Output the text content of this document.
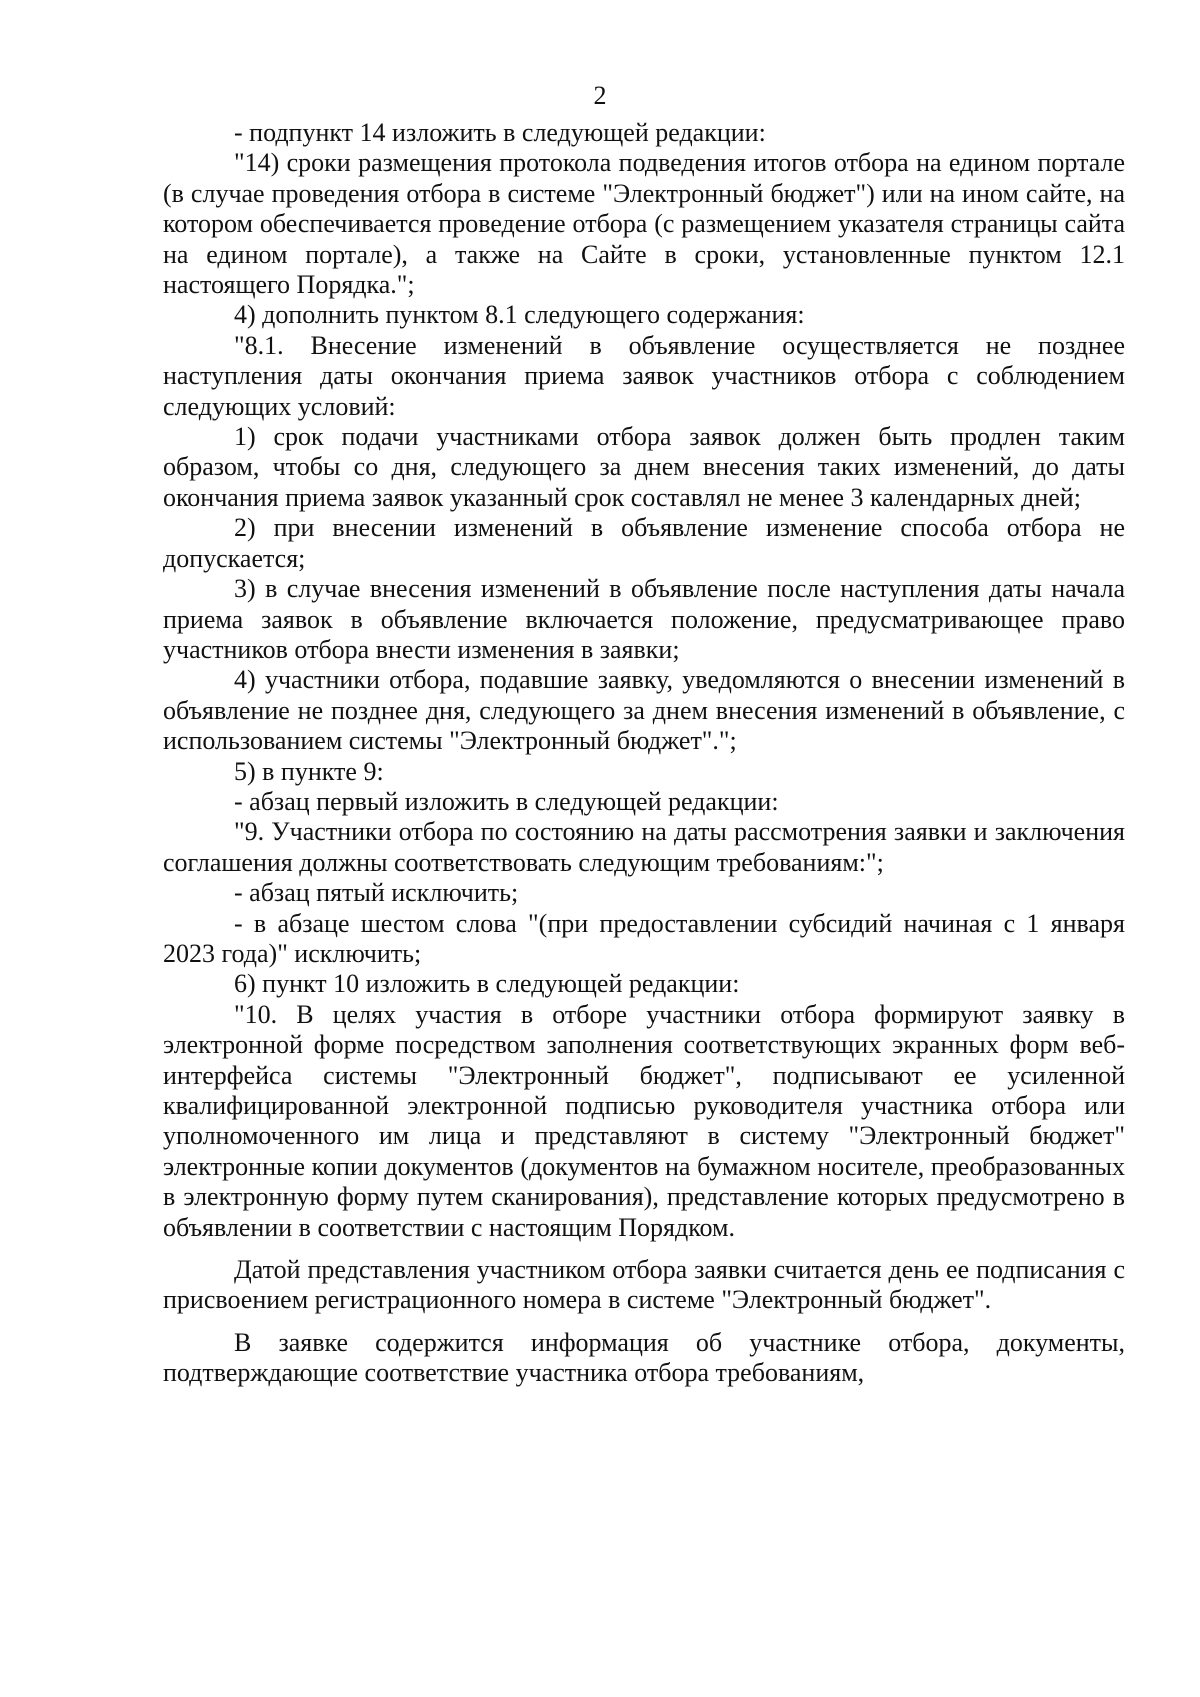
2

- подпункт 14 изложить в следующей редакции:

"14) сроки размещения протокола подведения итогов отбора на едином портале (в случае проведения отбора в системе "Электронный бюджет") или на ином сайте, на котором обеспечивается проведение отбора (с размещением указателя страницы сайта на едином портале), а также на Сайте в сроки, установленные пунктом 12.1 настоящего Порядка.";

4) дополнить пунктом 8.1 следующего содержания:

"8.1. Внесение изменений в объявление осуществляется не позднее наступления даты окончания приема заявок участников отбора с соблюдением следующих условий:

1) срок подачи участниками отбора заявок должен быть продлен таким образом, чтобы со дня, следующего за днем внесения таких изменений, до даты окончания приема заявок указанный срок составлял не менее 3 календарных дней;

2) при внесении изменений в объявление изменение способа отбора не допускается;

3) в случае внесения изменений в объявление после наступления даты начала приема заявок в объявление включается положение, предусматривающее право участников отбора внести изменения в заявки;

4) участники отбора, подавшие заявку, уведомляются о внесении изменений в объявление не позднее дня, следующего за днем внесения изменений в объявление, с использованием системы "Электронный бюджет".";

5) в пункте 9:

- абзац первый изложить в следующей редакции:

"9. Участники отбора по состоянию на даты рассмотрения заявки и заключения соглашения должны соответствовать следующим требованиям:";

- абзац пятый исключить;

- в абзаце шестом слова "(при предоставлении субсидий начиная с 1 января 2023 года)" исключить;

6) пункт 10 изложить в следующей редакции:

"10. В целях участия в отборе участники отбора формируют заявку в электронной форме посредством заполнения соответствующих экранных форм веб-интерфейса системы "Электронный бюджет", подписывают ее усиленной квалифицированной электронной подписью руководителя участника отбора или уполномоченного им лица и представляют в систему "Электронный бюджет" электронные копии документов (документов на бумажном носителе, преобразованных в электронную форму путем сканирования), представление которых предусмотрено в объявлении в соответствии с настоящим Порядком.

Датой представления участником отбора заявки считается день ее подписания с присвоением регистрационного номера в системе "Электронный бюджет".

В заявке содержится информация об участнике отбора, документы, подтверждающие соответствие участника отбора требованиям,
